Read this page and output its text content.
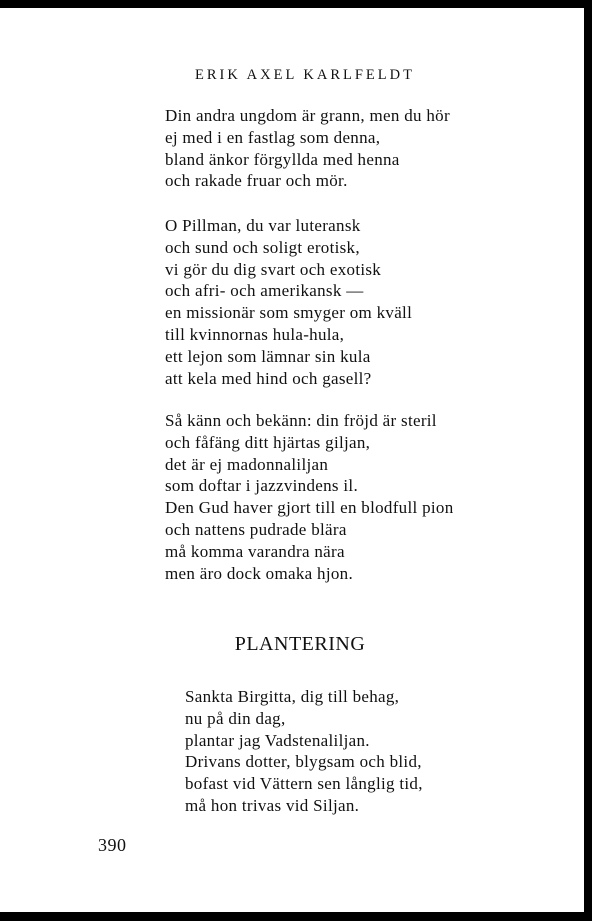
ERIK AXEL KARLFELDT
Din andra ungdom är grann, men du hör
ej med i en fastlag som denna,
bland änkor förgyllda med henna
och rakade fruar och mör.
O Pillman, du var luteransk
och sund och soligt erotisk,
vi gör du dig svart och exotisk
och afri- och amerikansk —
en missionär som smyger om kväll
till kvinnornas hula-hula,
ett lejon som lämnar sin kula
att kela med hind och gasell?
Så känn och bekänn: din fröjd är steril
och fåfäng ditt hjärtas giljan,
det är ej madonnaliljan
som doftar i jazzvindens il.
Den Gud haver gjort till en blodfull pion
och nattens pudrade blära
må komma varandra nära
men äro dock omaka hjon.
PLANTERING
Sankta Birgitta, dig till behag,
nu på din dag,
plantar jag Vadstenaliljan.
Drivans dotter, blygsam och blid,
bofast vid Vättern sen långlig tid,
må hon trivas vid Siljan.
390
